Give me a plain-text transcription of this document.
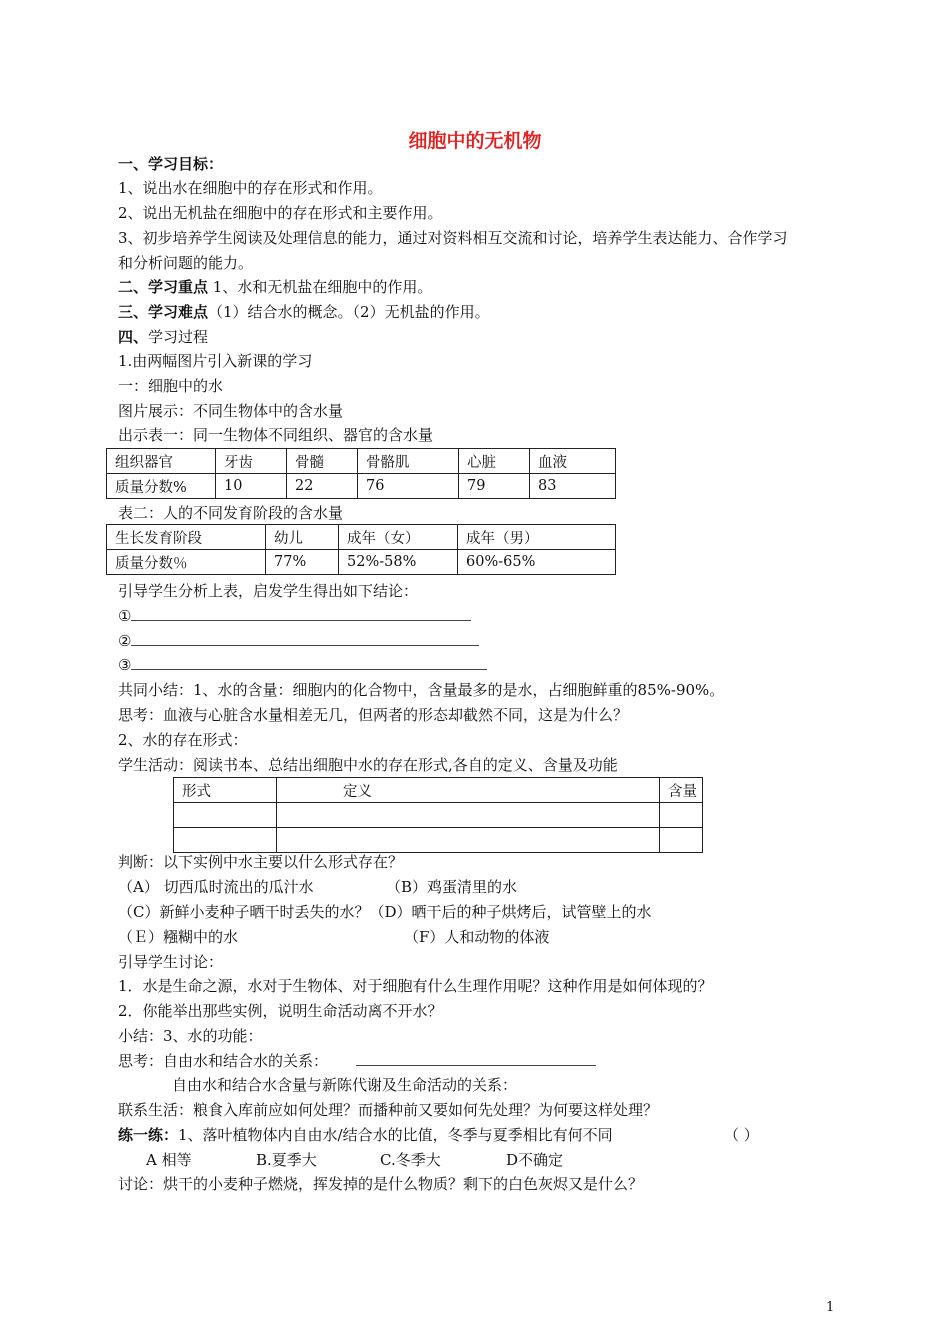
细胞中的无机物
一、学习目标：
1、说出水在细胞中的存在形式和作用。
2、说出无机盐在细胞中的存在形式和主要作用。
3、初步培养学生阅读及处理信息的能力，通过对资料相互交流和讨论，培养学生表达能力、合作学习
和分析问题的能力。
二、学习重点 1、水和无机盐在细胞中的作用。
三、学习难点（1）结合水的概念。（2）无机盐的作用。
四、学习过程
1.由两幅图片引入新课的学习
一：细胞中的水
图片展示：不同生物体中的含水量
出示表一：同一生物体不同组织、器官的含水量
组织器官	牙齿	骨髓	骨骼肌	心脏	血液
质量分数%	10	22	76	79	83
表二：人的不同发育阶段的含水量
生长发育阶段	幼儿	成年（女）	成年（男）
质量分数％	77%	52%-58%	60%-65%
引导学生分析上表，启发学生得出如下结论：
①
②
③
共同小结：1、水的含量：细胞内的化合物中，含量最多的是水，占细胞鲜重的85%-90%。
思考：血液与心脏含水量相差无几，但两者的形态却截然不同，这是为什么？
2、水的存在形式：
学生活动：阅读书本、总结出细胞中水的存在形式,各自的定义、含量及功能
形式	定义	含量

判断：以下实例中水主要以什么形式存在？
（A） 切西瓜时流出的瓜汁水	（B）鸡蛋清里的水
（C）新鲜小麦种子晒干时丢失的水？（D）晒干后的种子烘烤后，试管壁上的水
（Ｅ）糨糊中的水	（F）人和动物的体液
引导学生讨论：
1．水是生命之源，水对于生物体、对于细胞有什么生理作用呢？这种作用是如何体现的？
2．你能举出那些实例，说明生命活动离不开水？
小结：3、水的功能：
思考：自由水和结合水的关系：
自由水和结合水含量与新陈代谢及生命活动的关系：
联系生活：粮食入库前应如何处理？而播种前又要如何先处理？为何要这样处理？
练一练：1、落叶植物体内自由水/结合水的比值，冬季与夏季相比有何不同	（ ）
A 相等	B.夏季大	C.冬季大	D不确定
讨论：烘干的小麦种子燃烧，挥发掉的是什么物质？剩下的白色灰烬又是什么？
1
